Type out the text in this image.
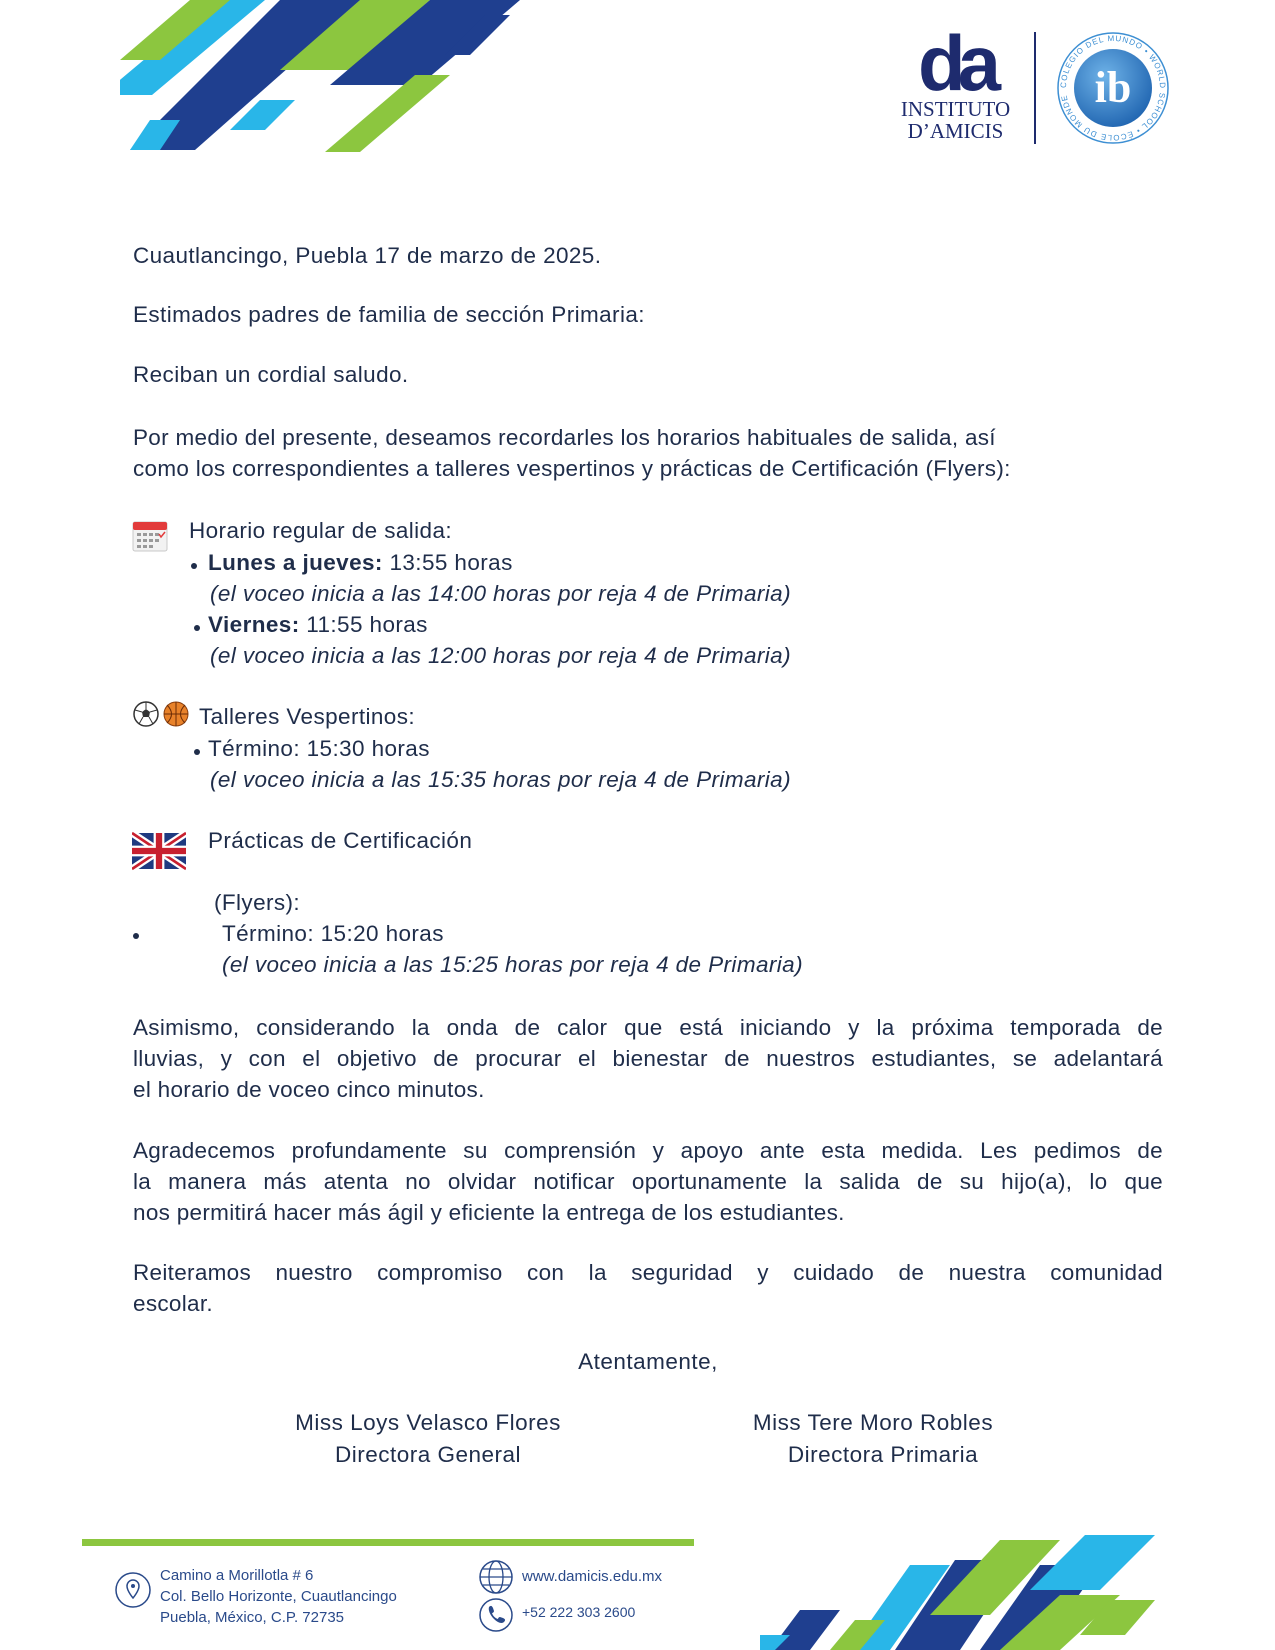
da
INSTITUTO
D’AMICIS
COLEGIO DEL MUNDO • WORLD SCHOOL • ÉCOLE DU MONDE ib
Cuautlancingo, Puebla 17 de marzo de 2025.
Estimados padres de familia de sección Primaria:
Reciban un cordial saludo.
Por medio del presente, deseamos recordarles los horarios habituales de salida, así
como los correspondientes a talleres vespertinos y prácticas de Certificación (Flyers):
Horario regular de salida:
Lunes a jueves: 13:55 horas
(el voceo inicia a las 14:00 horas por reja 4 de Primaria)
Viernes: 11:55 horas
(el voceo inicia a las 12:00 horas por reja 4 de Primaria)
Talleres Vespertinos:
Término: 15:30 horas
(el voceo inicia a las 15:35 horas por reja 4 de Primaria)
Prácticas de Certificación
(Flyers):
Término: 15:20 horas
(el voceo inicia a las 15:25 horas por reja 4 de Primaria)
Asimismo, considerando la onda de calor que está iniciando y la próxima temporada de
lluvias, y con el objetivo de procurar el bienestar de nuestros estudiantes, se adelantará
el horario de voceo cinco minutos.
Agradecemos profundamente su comprensión y apoyo ante esta medida. Les pedimos de
la manera más atenta no olvidar notificar oportunamente la salida de su hijo(a), lo que
nos permitirá hacer más ágil y eficiente la entrega de los estudiantes.
Reiteramos nuestro compromiso con la seguridad y cuidado de nuestra comunidad
escolar.
Atentamente,
Miss Loys Velasco Flores
Directora General
Miss Tere Moro Robles
Directora Primaria
Camino a Morillotla # 6
Col. Bello Horizonte, Cuautlancingo
Puebla, México, C.P. 72735
www.damicis.edu.mx
+52 222 303 2600
